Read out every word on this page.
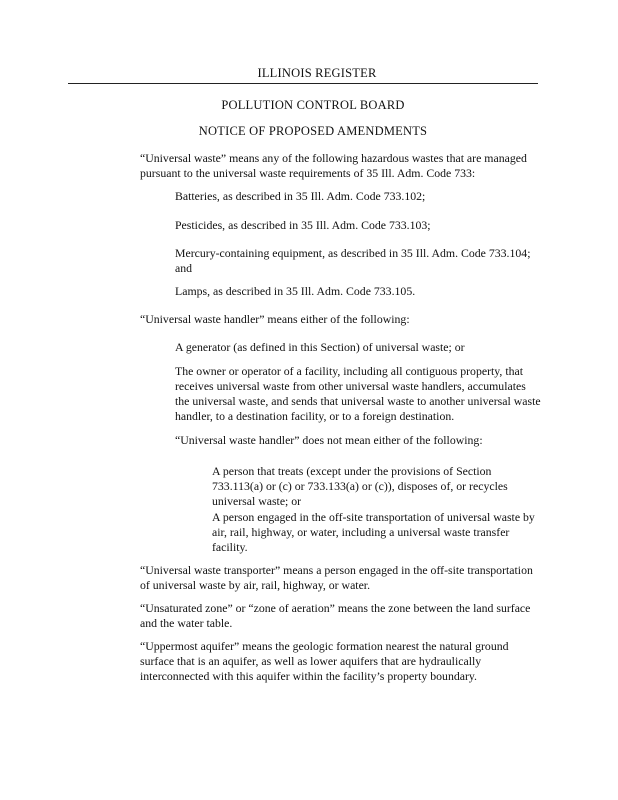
ILLINOIS REGISTER
POLLUTION CONTROL BOARD
NOTICE OF PROPOSED AMENDMENTS

“Universal waste” means any of the following hazardous wastes that are managed pursuant to the universal waste requirements of 35 Ill. Adm. Code 733:

Batteries, as described in 35 Ill. Adm. Code 733.102;

Pesticides, as described in 35 Ill. Adm. Code 733.103;

Mercury-containing equipment, as described in 35 Ill. Adm. Code 733.104; and

Lamps, as described in 35 Ill. Adm. Code 733.105.

“Universal waste handler” means either of the following:

A generator (as defined in this Section) of universal waste; or

The owner or operator of a facility, including all contiguous property, that receives universal waste from other universal waste handlers, accumulates the universal waste, and sends that universal waste to another universal waste handler, to a destination facility, or to a foreign destination.

“Universal waste handler” does not mean either of the following:

A person that treats (except under the provisions of Section 733.113(a) or (c) or 733.133(a) or (c)), disposes of, or recycles universal waste; or

A person engaged in the off-site transportation of universal waste by air, rail, highway, or water, including a universal waste transfer facility.

“Universal waste transporter” means a person engaged in the off-site transportation of universal waste by air, rail, highway, or water.

“Unsaturated zone” or “zone of aeration” means the zone between the land surface and the water table.

“Uppermost aquifer” means the geologic formation nearest the natural ground surface that is an aquifer, as well as lower aquifers that are hydraulically interconnected with this aquifer within the facility’s property boundary.
